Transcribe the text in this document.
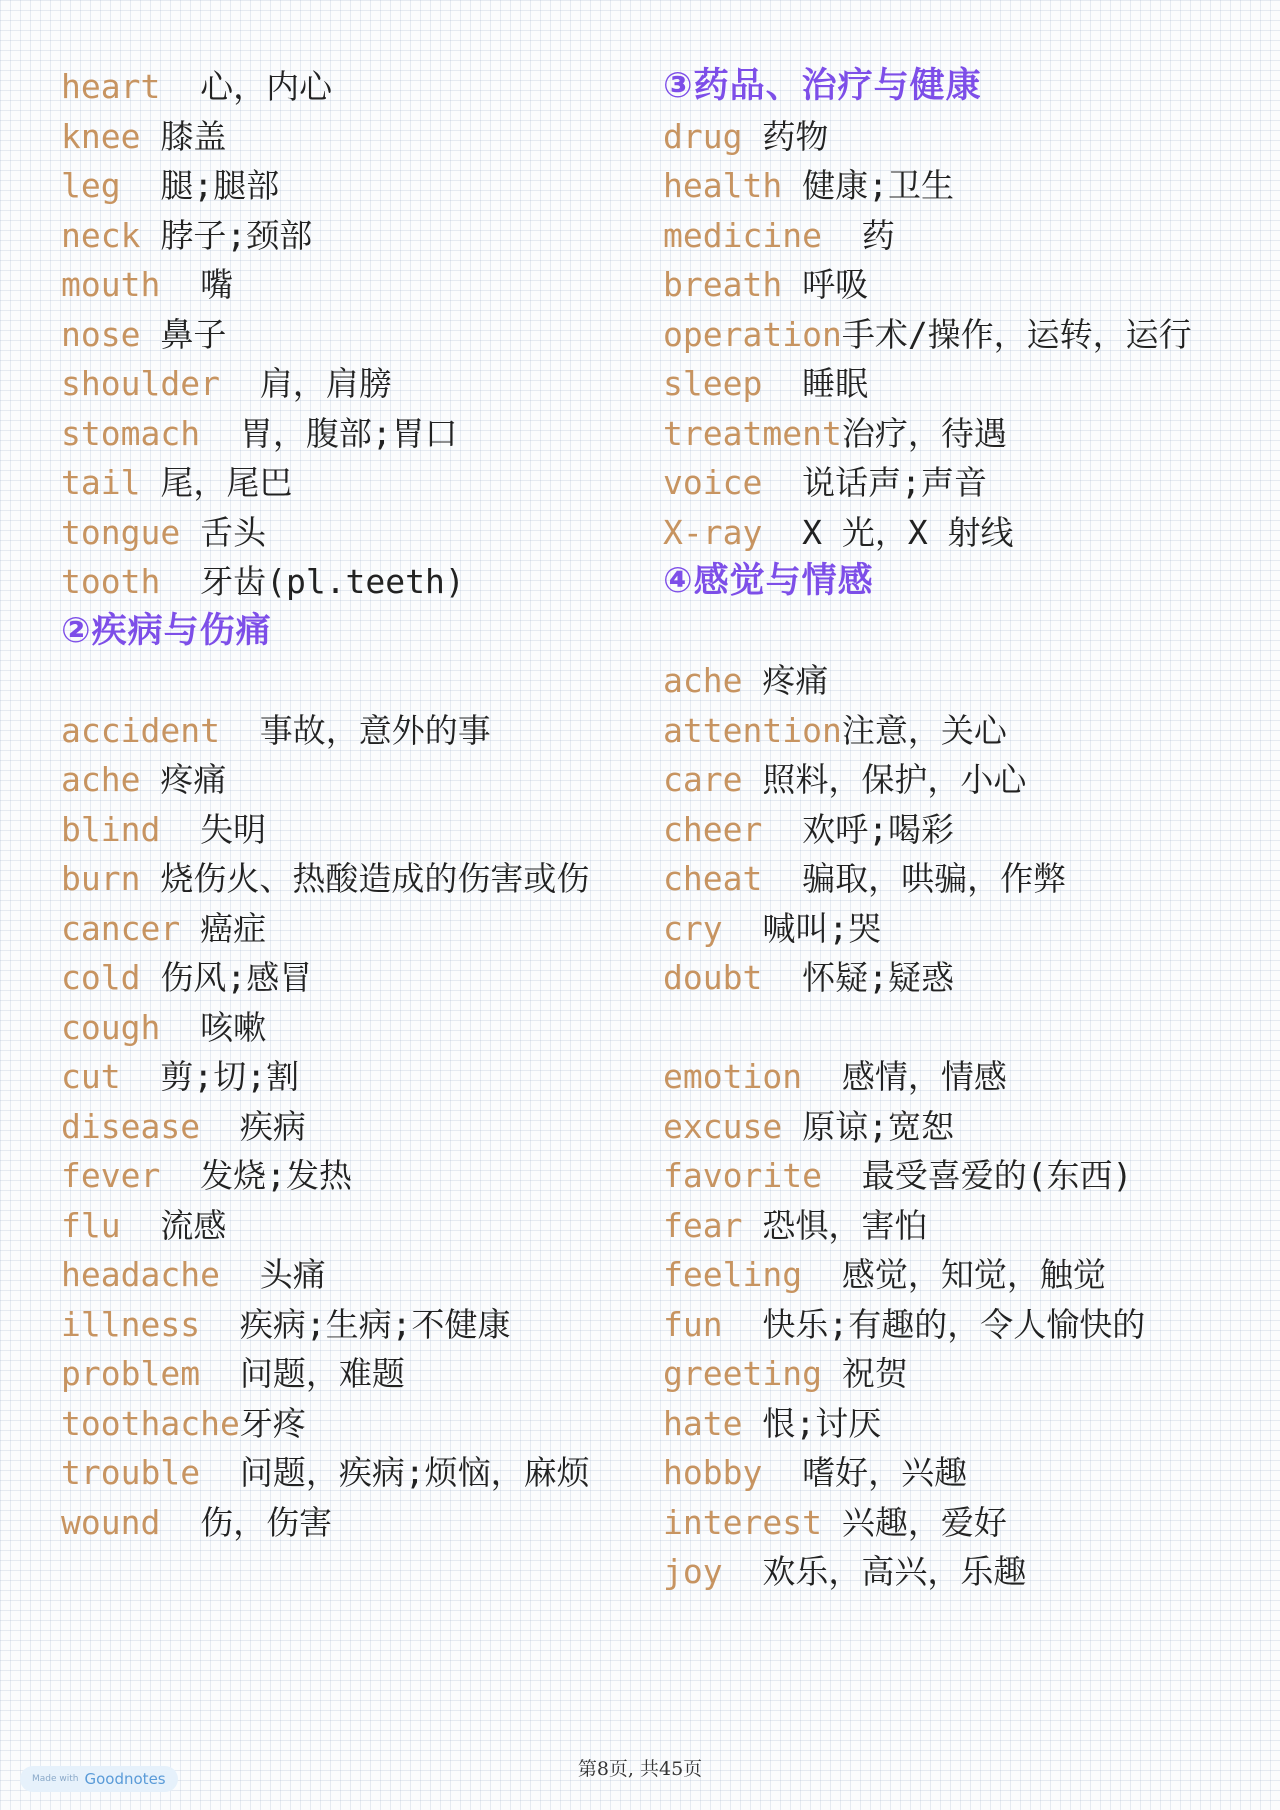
heart  心，内心
knee 膝盖
leg  腿;腿部
neck 脖子;颈部
mouth  嘴
nose 鼻子
shoulder  肩，肩膀
stomach  胃，腹部;胃口
tail 尾，尾巴
tongue 舌头
tooth  牙齿(pl.teeth)
②疾病与伤痛
accident  事故，意外的事
ache 疼痛
blind  失明
burn 烧伤火、热酸造成的伤害或伤
cancer 癌症
cold 伤风;感冒
cough  咳嗽
cut  剪;切;割
disease  疾病
fever  发烧;发热
flu  流感
headache  头痛
illness  疾病;生病;不健康
problem  问题，难题
toothache牙疼
trouble  问题，疾病;烦恼，麻烦
wound  伤，伤害
③药品、治疗与健康
drug 药物
health 健康;卫生
medicine  药
breath 呼吸
operation手术/操作，运转，运行
sleep  睡眠
treatment治疗，待遇
voice  说话声;声音
X-ray  X 光，X 射线
④感觉与情感
ache 疼痛
attention注意，关心
care 照料，保护，小心
cheer  欢呼;喝彩
cheat  骗取，哄骗，作弊
cry  喊叫;哭
doubt  怀疑;疑惑
emotion  感情，情感
excuse 原谅;宽恕
favorite  最受喜爱的(东西)
fear 恐惧，害怕
feeling  感觉，知觉，触觉
fun  快乐;有趣的，令人愉快的
greeting 祝贺
hate 恨;讨厌
hobby  嗜好，兴趣
interest 兴趣，爱好
joy  欢乐，高兴，乐趣
第8页, 共45页
Made with Goodnotes
